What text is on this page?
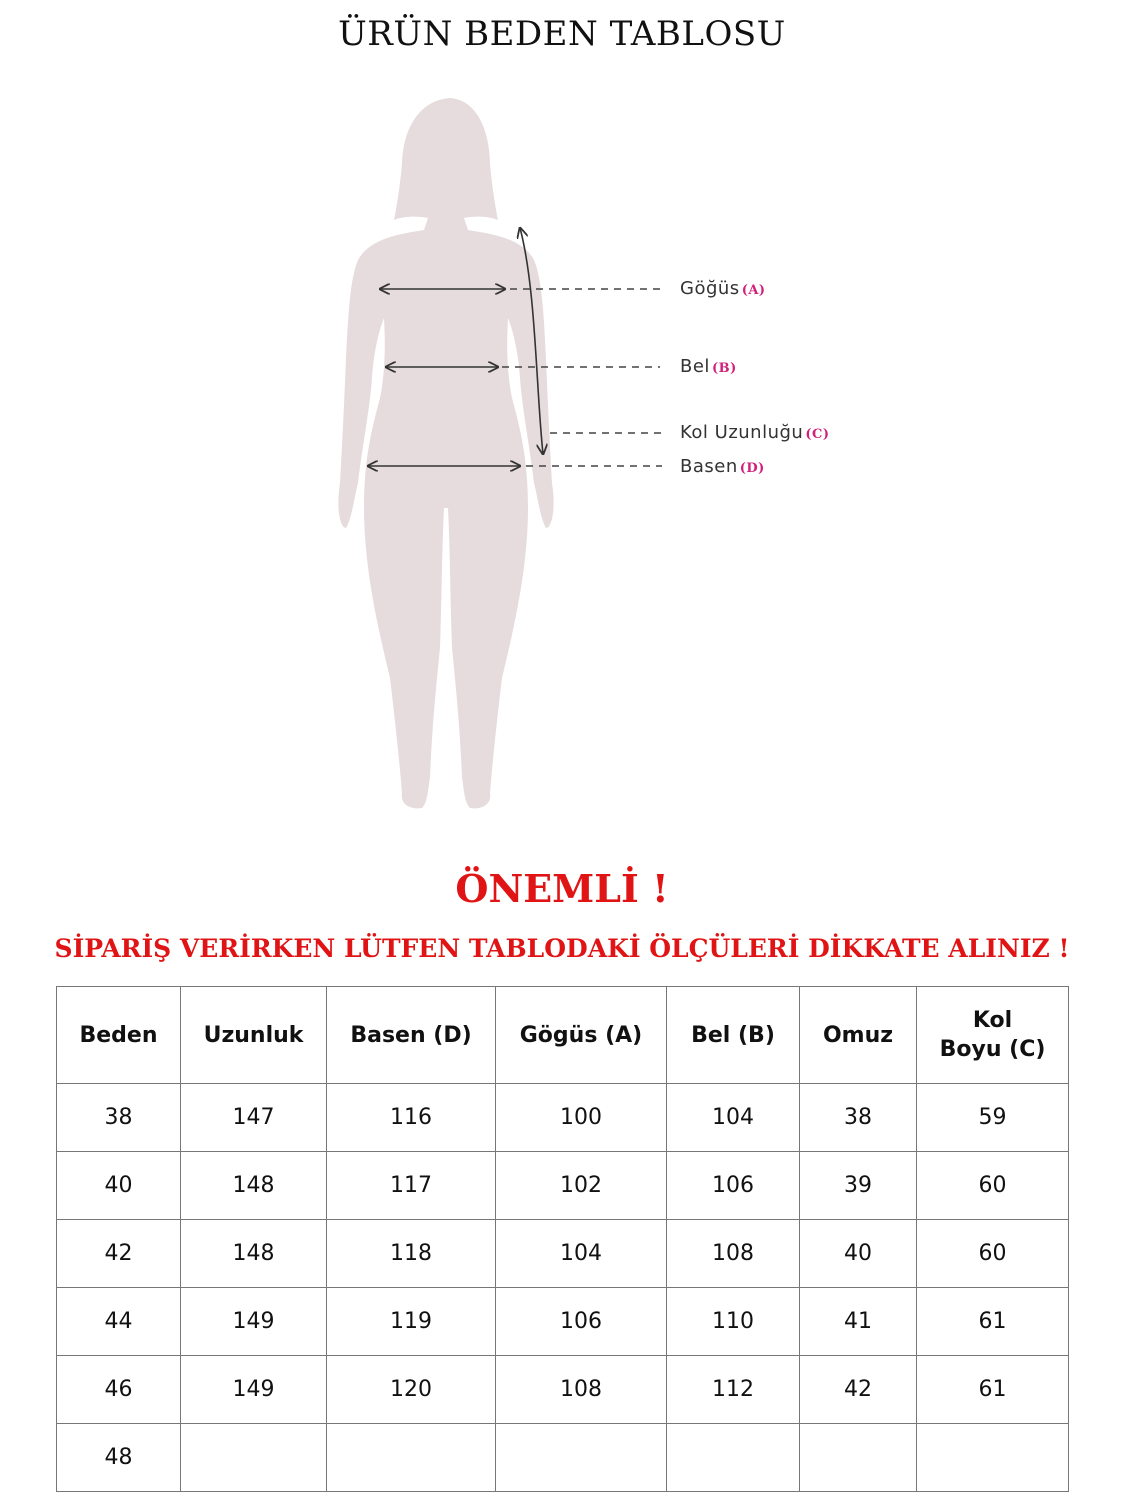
ÜRÜN BEDEN TABLOSU
Göğüs (A)
Bel (B)
Kol Uzunluğu (C)
Basen (D)
ÖNEMLİ !
SİPARİŞ VERİRKEN LÜTFEN TABLODAKİ ÖLÇÜLERİ DİKKATE ALINIZ !
Beden	Uzunluk	Basen (D)	Gögüs (A)	Bel (B)	Omuz	Kol
Boyu (C)

38	147	116	100	104	38	59
40	148	117	102	106	39	60
42	148	118	104	108	40	60
44	149	119	106	110	41	61
46	149	120	108	112	42	61
48						
